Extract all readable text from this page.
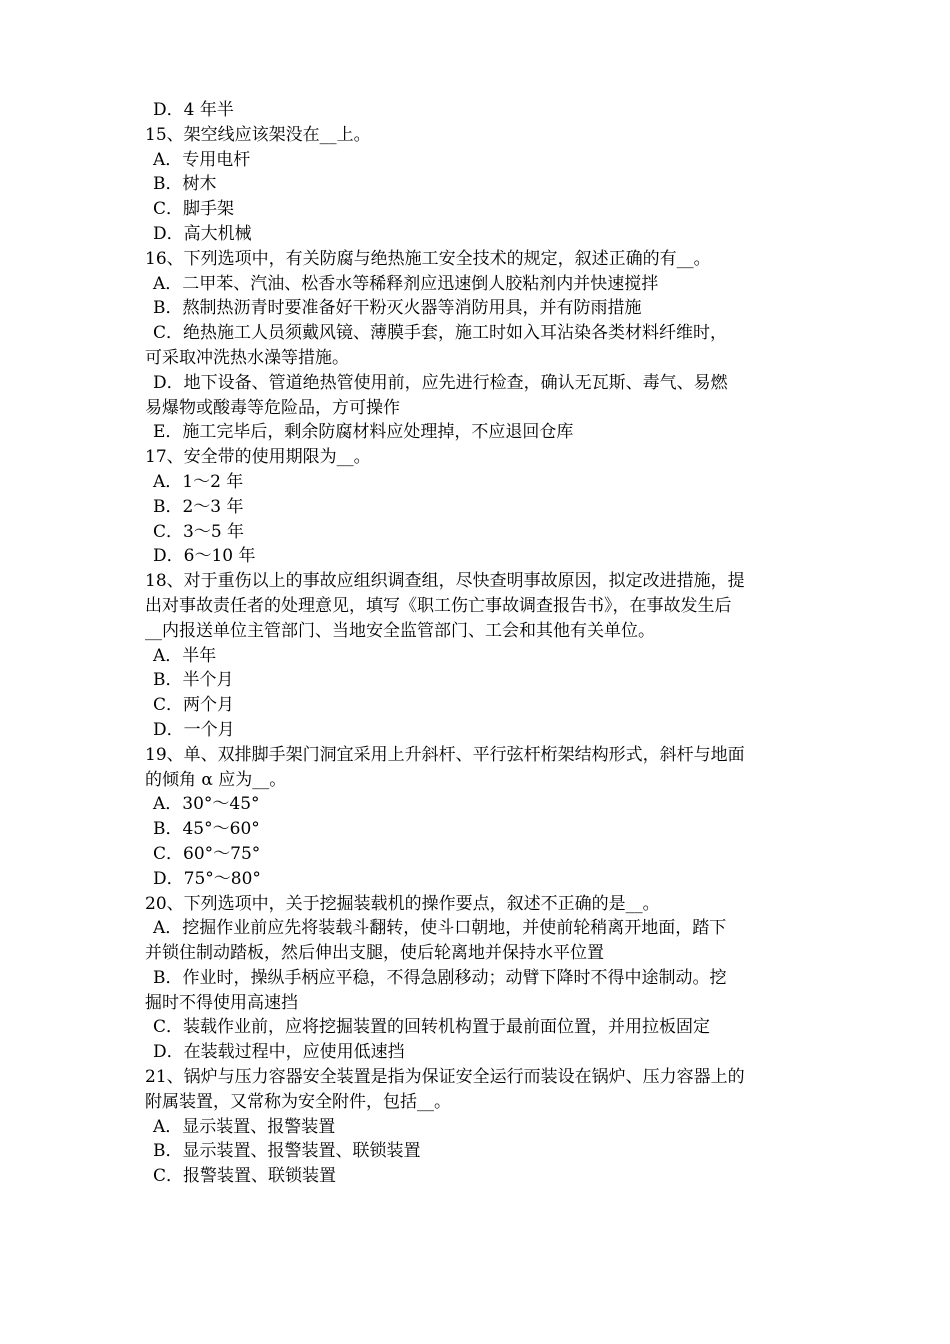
D．4 年半
15、架空线应该架没在__上。
A．专用电杆
B．树木
C．脚手架
D．高大机械
16、下列选项中，有关防腐与绝热施工安全技术的规定，叙述正确的有__。
A．二甲苯、汽油、松香水等稀释剂应迅速倒人胶粘剂内并快速搅拌
B．熬制热沥青时要准备好干粉灭火器等消防用具，并有防雨措施
C．绝热施工人员须戴风镜、薄膜手套，施工时如入耳沾染各类材料纤维时，
可采取冲洗热水澡等措施。
D．地下设备、管道绝热管使用前，应先进行检查，确认无瓦斯、毒气、易燃
易爆物或酸毒等危险品，方可操作
E．施工完毕后，剩余防腐材料应处理掉，不应退回仓库
17、安全带的使用期限为__。
A．1～2 年
B．2～3 年
C．3～5 年
D．6～10 年
18、对于重伤以上的事故应组织调查组，尽快查明事故原因，拟定改进措施，提
出对事故责任者的处理意见，填写《职工伤亡事故调查报告书》，在事故发生后
__内报送单位主管部门、当地安全监管部门、工会和其他有关单位。
A．半年
B．半个月
C．两个月
D．一个月
19、单、双排脚手架门洞宜采用上升斜杆、平行弦杆桁架结构形式，斜杆与地面
的倾角 α 应为__。
A．30°～45°
B．45°～60°
C．60°～75°
D．75°～80°
20、下列选项中，关于挖掘装载机的操作要点，叙述不正确的是__。
A．挖掘作业前应先将装载斗翻转，使斗口朝地，并使前轮稍离开地面，踏下
并锁住制动踏板，然后伸出支腿，使后轮离地并保持水平位置
B．作业时，操纵手柄应平稳，不得急剧移动；动臂下降时不得中途制动。挖
掘时不得使用高速挡
C．装载作业前，应将挖掘装置的回转机构置于最前面位置，并用拉板固定
D．在装载过程中，应使用低速挡
21、锅炉与压力容器安全装置是指为保证安全运行而装设在锅炉、压力容器上的
附属装置，又常称为安全附件，包括__。
A．显示装置、报警装置
B．显示装置、报警装置、联锁装置
C．报警装置、联锁装置
